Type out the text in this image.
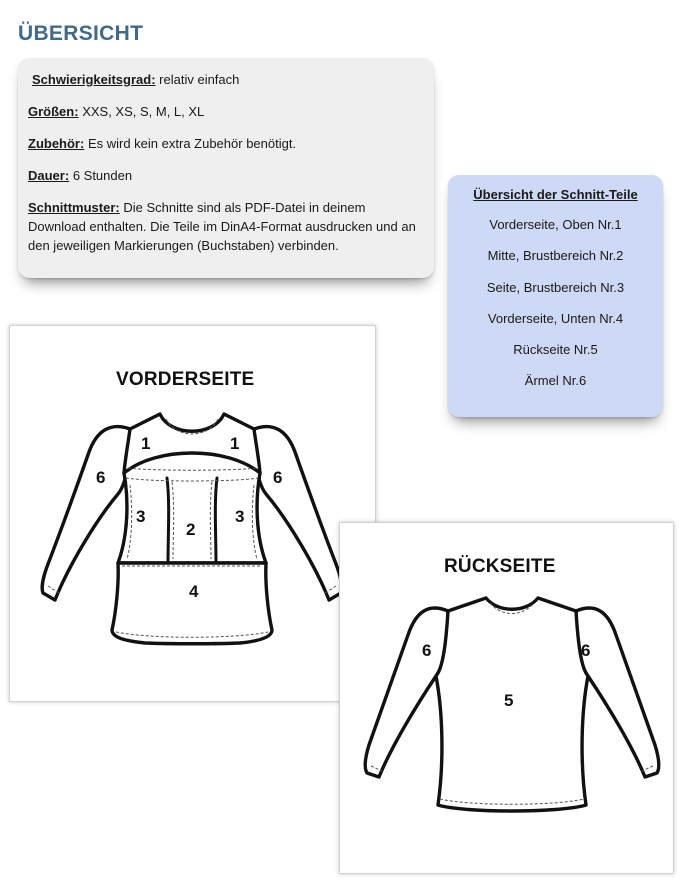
ÜBERSICHT
Schwierigkeitsgrad: relativ einfach
Größen: XXS, XS, S, M, L, XL
Zubehör: Es wird kein extra Zubehör benötigt.
Dauer: 6 Stunden
Schnittmuster: Die Schnitte sind als PDF-Datei in deinem Download enthalten. Die Teile im DinA4-Format ausdrucken und an den jeweiligen Markierungen (Buchstaben) verbinden.
Übersicht der Schnitt-Teile
Vorderseite, Oben Nr.1
Mitte, Brustbereich Nr.2
Seite, Brustbereich Nr.3
Vorderseite, Unten Nr.4
Rückseite Nr.5
Ärmel Nr.6
VORDERSEITE
1	1
6	6
3	3
2
4
RÜCKSEITE
6	6
5
